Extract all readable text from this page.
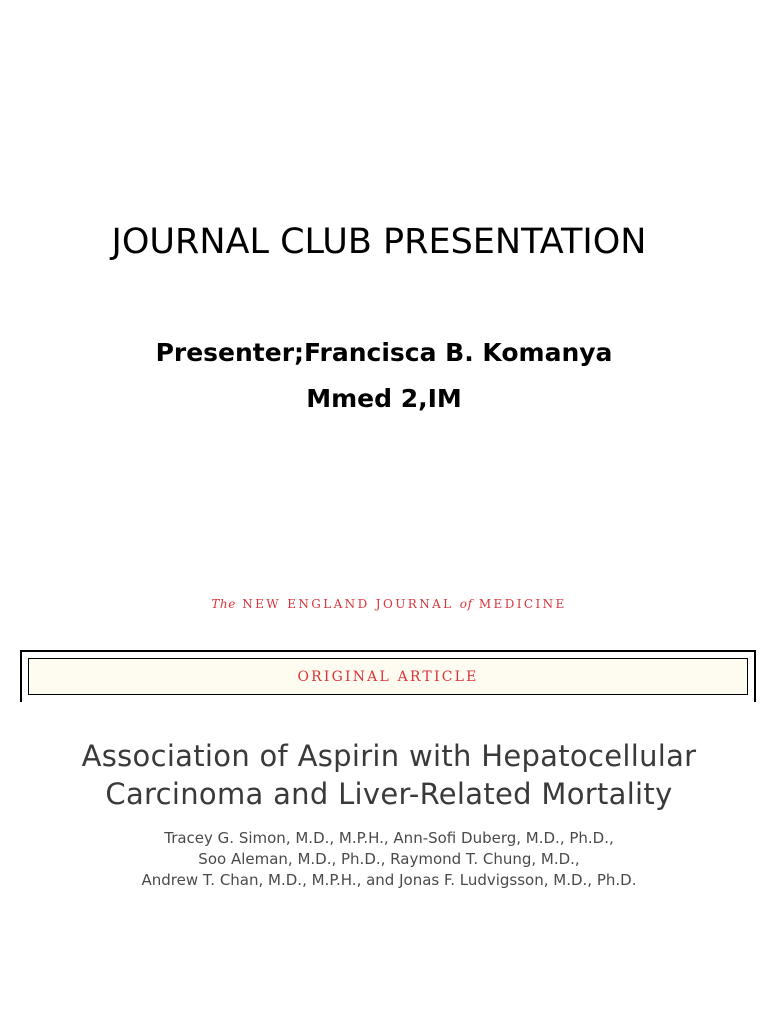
JOURNAL CLUB PRESENTATION
Presenter;Francisca B. Komanya
Mmed 2,IM
The NEW ENGLAND JOURNAL of MEDICINE
ORIGINAL ARTICLE
Association of Aspirin with Hepatocellular
Carcinoma and Liver-Related Mortality
Tracey G. Simon, M.D., M.P.H., Ann-Sofi Duberg, M.D., Ph.D.,
Soo Aleman, M.D., Ph.D., Raymond T. Chung, M.D.,
Andrew T. Chan, M.D., M.P.H., and Jonas F. Ludvigsson, M.D., Ph.D.
